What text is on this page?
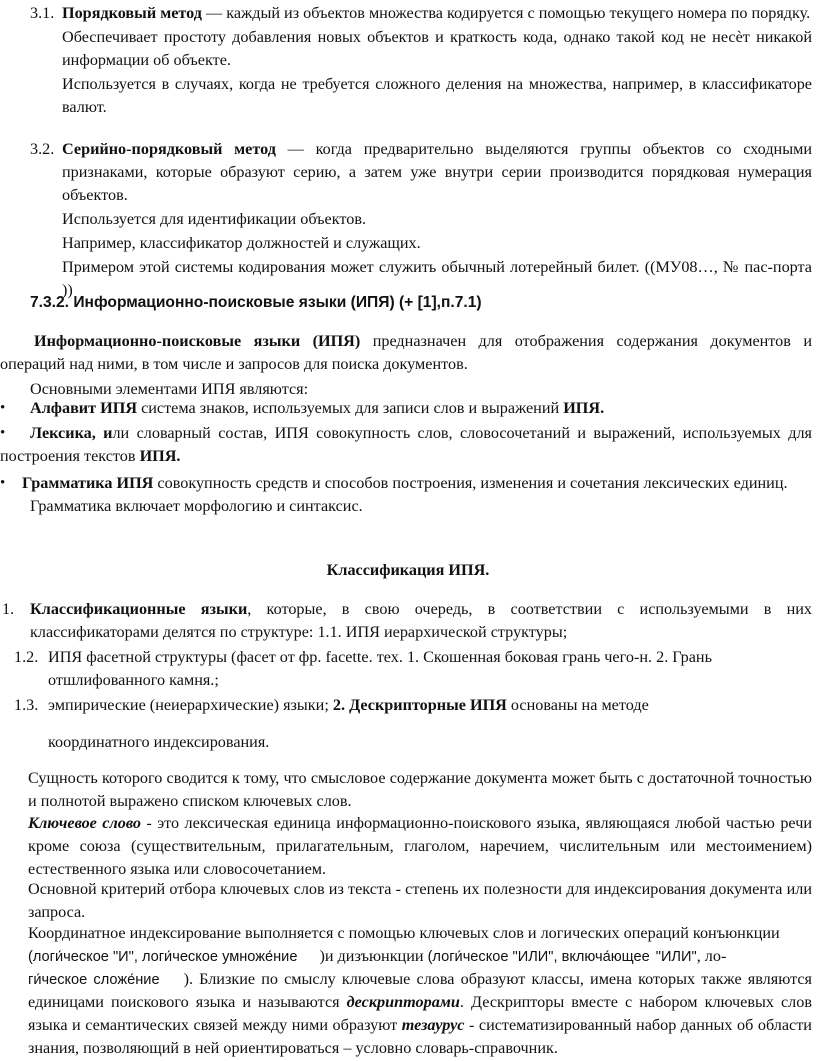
3.1. Порядковый метод — каждый из объектов множества кодируется с помощью текущего номера по порядку.
Обеспечивает простоту добавления новых объектов и краткость кода, однако такой код не несѐт никакой информации об объекте.
Используется в случаях, когда не требуется сложного деления на множества, например, в классификаторе валют.
3.2. Серийно-порядковый метод — когда предварительно выделяются группы объектов со сходными признаками, которые образуют серию, а затем уже внутри серии производится порядковая нумерация объектов.
Используется для идентификации объектов.
Например, классификатор должностей и служащих.
Примером этой системы кодирования может служить обычный лотерейный билет. ((МУ08…, № пас-порта ))
7.3.2. Информационно-поисковые языки (ИПЯ) (+ [1],п.7.1)
Информационно-поисковые языки (ИПЯ) предназначен для отображения содержания документов и операций над ними, в том числе и запросов для поиска документов.
Основными элементами ИПЯ являются:
• Алфавит ИПЯ система знаков, используемых для записи слов и выражений ИПЯ.
• Лексика, или словарный состав, ИПЯ совокупность слов, словосочетаний и выражений, используемых для построения текстов ИПЯ.
• Грамматика ИПЯ совокупность средств и способов построения, изменения и сочетания лексических единиц.
Грамматика включает морфологию и синтаксис.
Классификация ИПЯ.
1. Классификационные языки, которые, в свою очередь, в соответствии с используемыми в них классификаторами делятся по структуре: 1.1. ИПЯ иерархической структуры;
1.2. ИПЯ фасетной структуры (фасет от фр. facette. тех. 1. Скошенная боковая грань чего-н. 2. Грань отшлифованного камня.;
1.3. эмпирические (неиерархические) языки; 2. Дескрипторные ИПЯ основаны на методе
координатного индексирования.
Сущность которого сводится к тому, что смысловое содержание документа может быть с достаточной точностью и полнотой выражено списком ключевых слов.
Ключевое слово - это лексическая единица информационно-поискового языка, являющаяся любой частью речи кроме союза (существительным, прилагательным, глаголом, наречием, числительным или местоимением) естественного языка или словосочетанием.
Основной критерий отбора ключевых слов из текста - степень их полезности для индексирования документа или запроса.
Координатное индексирование выполняется с помощью ключевых слов и логических операций конъюнкции
(логи́ческое "И", логи́ческое умноже́ние )и дизъюнкции (логи́ческое "ИЛИ", включа́ющее "ИЛИ", ло-
ги́ческое сложе́ние ). Близкие по смыслу ключевые слова образуют классы, имена которых также являются единицами поискового языка и называются дескрипторами. Дескрипторы вместе с набором ключевых слов языка и семантических связей между ними образуют тезаурус - систематизированный набор данных об области знания, позволяющий в ней ориентироваться – условно словарь-справочник.
